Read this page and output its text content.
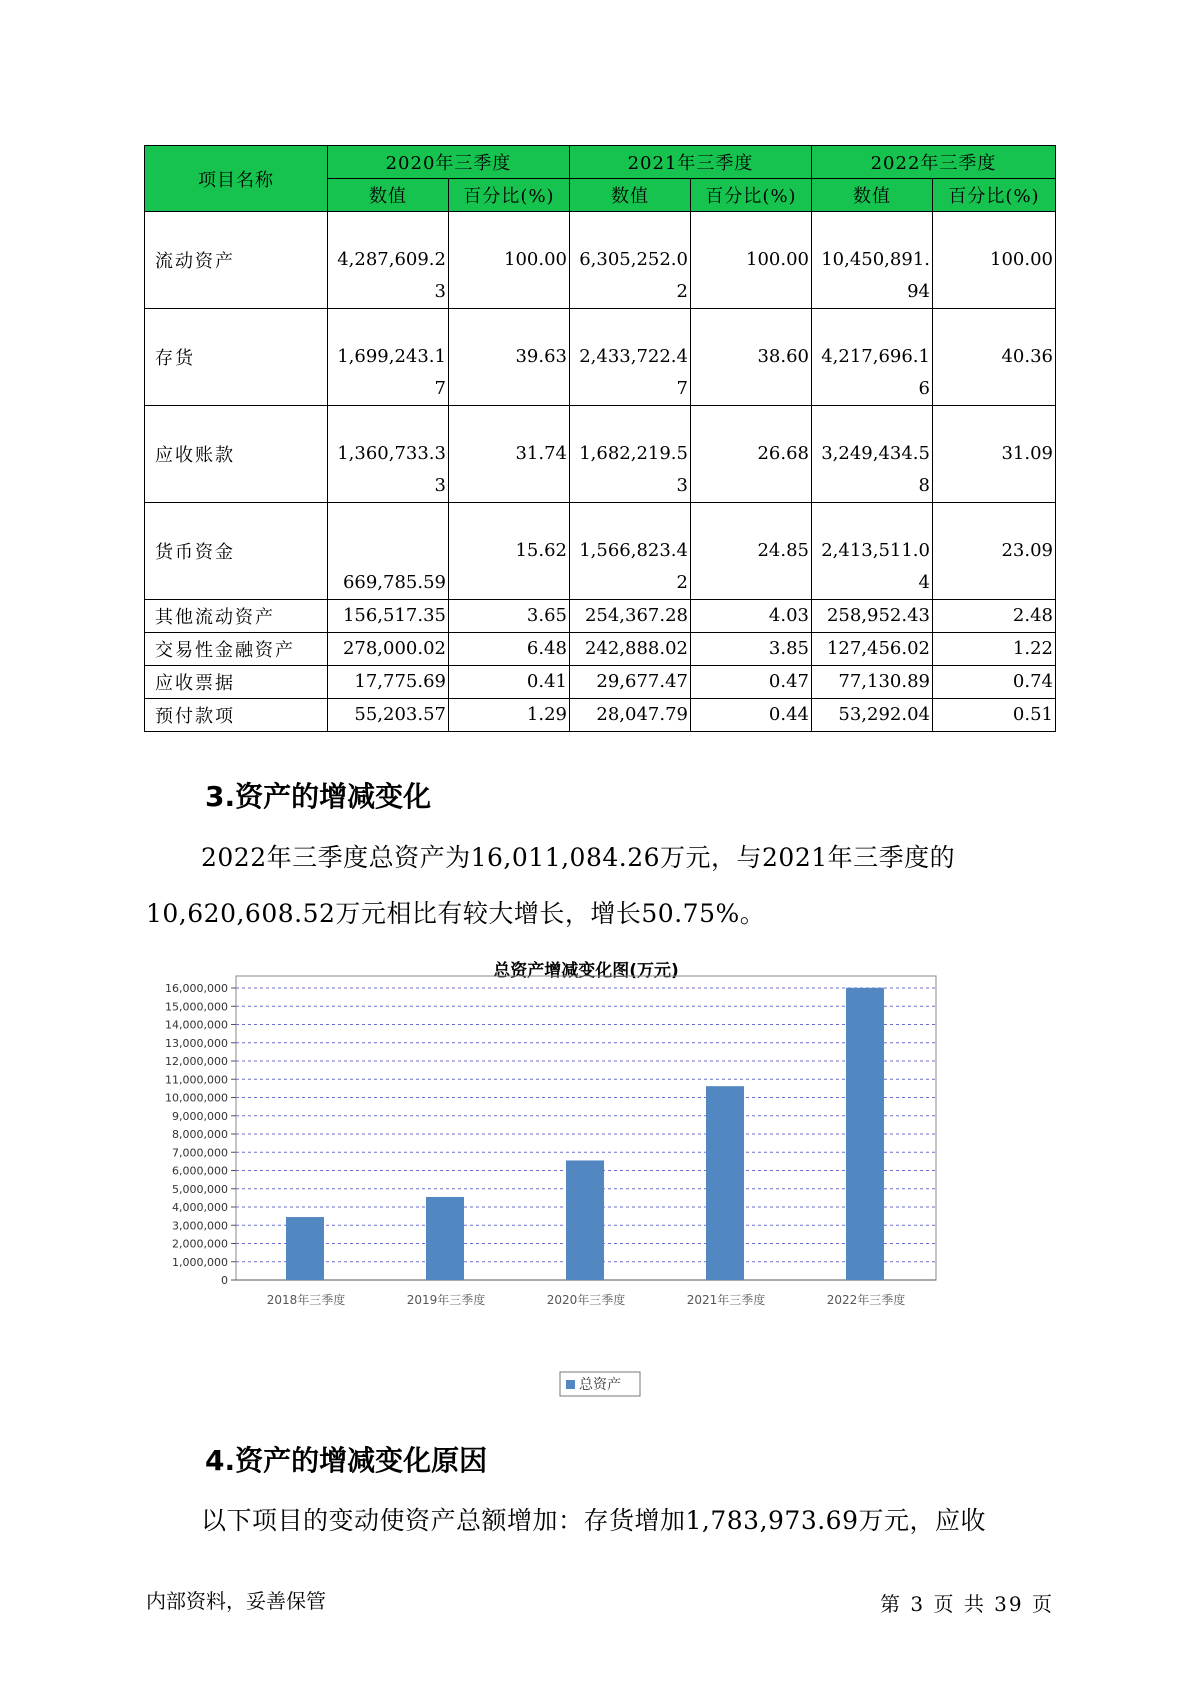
项目名称	2020年三季度		2021年三季度		2022年三季度	
	数值	百分比(%)	数值	百分比(%)	数值	百分比(%)
流动资产	4,287,609.23	100.00	6,305,252.02	100.00	10,450,891.94	100.00
存货	1,699,243.17	39.63	2,433,722.47	38.60	4,217,696.16	40.36
应收账款	1,360,733.33	31.74	1,682,219.53	26.68	3,249,434.58	31.09
货币资金	669,785.59	15.62	1,566,823.42	24.85	2,413,511.04	23.09
其他流动资产	156,517.35	3.65	254,367.28	4.03	258,952.43	2.48
交易性金融资产	278,000.02	6.48	242,888.02	3.85	127,456.02	1.22
应收票据	17,775.69	0.41	29,677.47	0.47	77,130.89	0.74
预付款项	55,203.57	1.29	28,047.79	0.44	53,292.04	0.51
3.资产的增减变化

2022年三季度总资产为16,011,084.26万元，与2021年三季度的10,620,608.52万元相比有较大增长，增长50.75%。

总资产增减变化图(万元)
0
1,000,000
2,000,000
3,000,000
4,000,000
5,000,000
6,000,000
7,000,000
8,000,000
9,000,000
10,000,000
11,000,000
12,000,000
13,000,000
14,000,000
15,000,000
16,000,000
2018年三季度	2019年三季度	2020年三季度	2021年三季度	2022年三季度
总资产
4.资产的增减变化原因

以下项目的变动使资产总额增加：存货增加1,783,973.69万元，应收

内部资料，妥善保管	第 3 页 共 39 页
